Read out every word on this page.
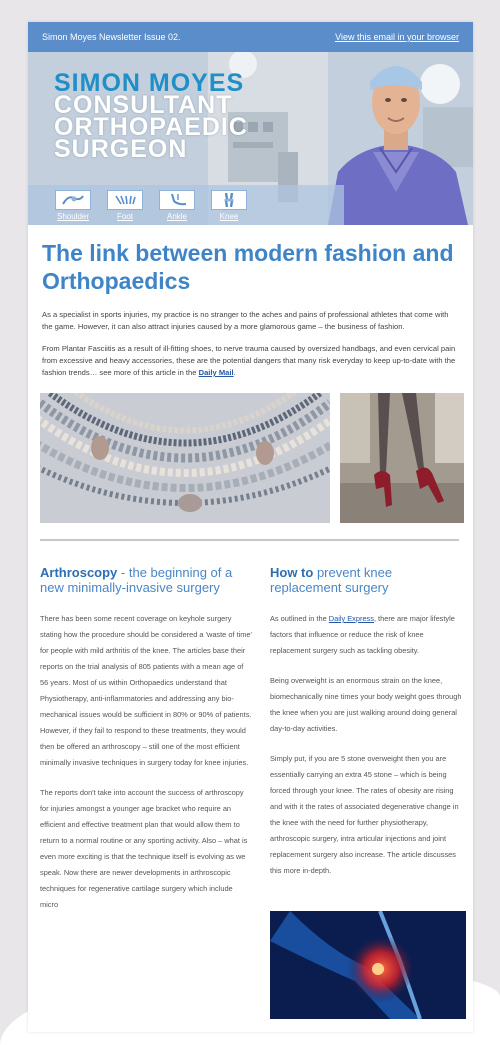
Simon Moyes Newsletter Issue 02.	View this email in your browser
SIMON MOYES
CONSULTANT
ORTHOPAEDIC
SURGEON
Shoulder	Foot	Ankle	Knee
The link between modern fashion and Orthopaedics

As a specialist in sports injuries, my practice is no stranger to the aches and pains of professional athletes that come with the game. However, it can also attract injuries caused by a more glamorous game – the business of fashion.

From Plantar Fasciitis as a result of ill-fitting shoes, to nerve trauma caused by oversized handbags, and even cervical pain from excessive and heavy accessories, these are the potential dangers that many risk everyday to keep up-to-date with the fashion trends… see more of this article in the Daily Mail.

Arthroscopy - the beginning of a new minimally-invasive surgery

There has been some recent coverage on keyhole surgery stating how the procedure should be considered a 'waste of time' for people with mild arthritis of the knee. The articles base their reports on the trial analysis of 805 patients with a mean age of 56 years. Most of us within Orthopaedics understand that Physiotherapy, anti-inflammatories and addressing any bio-mechanical issues would be sufficient in 80% or 90% of patients. However, if they fail to respond to these treatments, they would then be offered an arthroscopy – still one of the most efficient minimally invasive techniques in surgery today for knee injuries.

The reports don't take into account the success of arthroscopy for injuries amongst a younger age bracket who require an efficient and effective treatment plan that would allow them to return to a normal routine or any sporting activity. Also – what is even more exciting is that the technique itself is evolving as we speak. Now there are newer developments in arthroscopic techniques for regenerative cartilage surgery which include micro

How to prevent knee replacement surgery

As outlined in the Daily Express, there are major lifestyle factors that influence or reduce the risk of knee replacement surgery such as tackling obesity.

Being overweight is an enormous strain on the knee, biomechanically nine times your body weight goes through the knee when you are just walking around doing general day-to-day activities.

Simply put, if you are 5 stone overweight then you are essentially carrying an extra 45 stone – which is being forced through your knee. The rates of obesity are rising and with it the rates of associated degenerative change in the knee with the need for further physiotherapy, arthroscopic surgery, intra articular injections and joint replacement surgery also increase. The article discusses this more in-depth.
